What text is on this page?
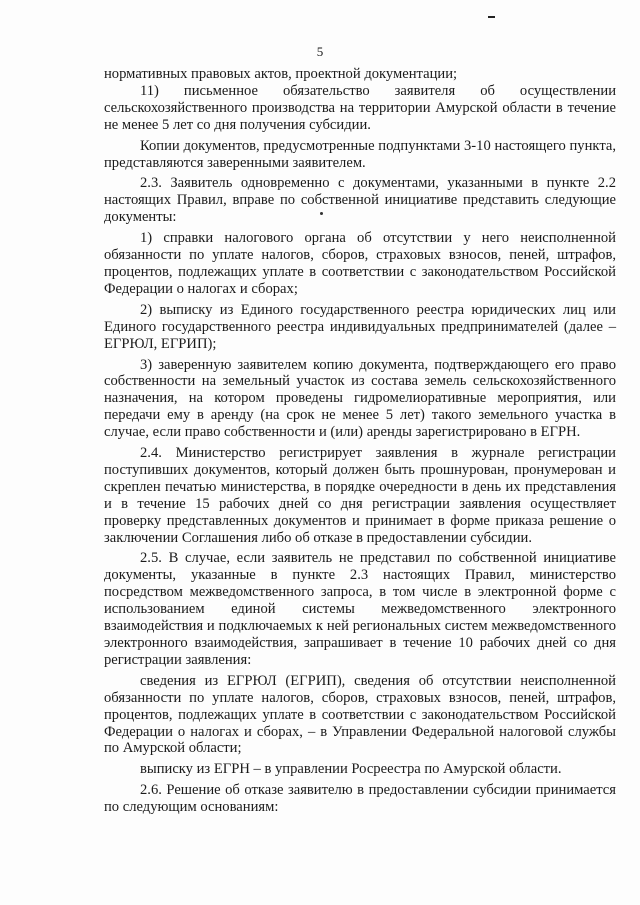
5

нормативных правовых актов, проектной документации;

11) письменное обязательство заявителя об осуществлении сельскохозяйственного производства на территории Амурской области в течение не менее 5 лет со дня получения субсидии.

Копии документов, предусмотренные подпунктами 3-10 настоящего пункта, представляются заверенными заявителем.

2.3. Заявитель одновременно с документами, указанными в пункте 2.2 настоящих Правил, вправе по собственной инициативе представить следующие документы:

1) справки налогового органа об отсутствии у него неисполненной обязанности по уплате налогов, сборов, страховых взносов, пеней, штрафов, процентов, подлежащих уплате в соответствии с законодательством Российской Федерации о налогах и сборах;

2) выписку из Единого государственного реестра юридических лиц или Единого государственного реестра индивидуальных предпринимателей (далее – ЕГРЮЛ, ЕГРИП);

3) заверенную заявителем копию документа, подтверждающего его право собственности на земельный участок из состава земель сельскохозяйственного назначения, на котором проведены гидромелиоративные мероприятия, или передачи ему в аренду (на срок не менее 5 лет) такого земельного участка в случае, если право собственности и (или) аренды зарегистрировано в ЕГРН.

2.4. Министерство регистрирует заявления в журнале регистрации поступивших документов, который должен быть прошнурован, пронумерован и скреплен печатью министерства, в порядке очередности в день их представления и в течение 15 рабочих дней со дня регистрации заявления осуществляет проверку представленных документов и принимает в форме приказа решение о заключении Соглашения либо об отказе в предоставлении субсидии.

2.5. В случае, если заявитель не представил по собственной инициативе документы, указанные в пункте 2.3 настоящих Правил, министерство посредством межведомственного запроса, в том числе в электронной форме с использованием единой системы межведомственного электронного взаимодействия и подключаемых к ней региональных систем межведомственного электронного взаимодействия, запрашивает в течение 10 рабочих дней со дня регистрации заявления:

сведения из ЕГРЮЛ (ЕГРИП), сведения об отсутствии неисполненной обязанности по уплате налогов, сборов, страховых взносов, пеней, штрафов, процентов, подлежащих уплате в соответствии с законодательством Российской Федерации о налогах и сборах, – в Управлении Федеральной налоговой службы по Амурской области;

выписку из ЕГРН – в управлении Росреестра по Амурской области.

2.6. Решение об отказе заявителю в предоставлении субсидии принимается по следующим основаниям:
